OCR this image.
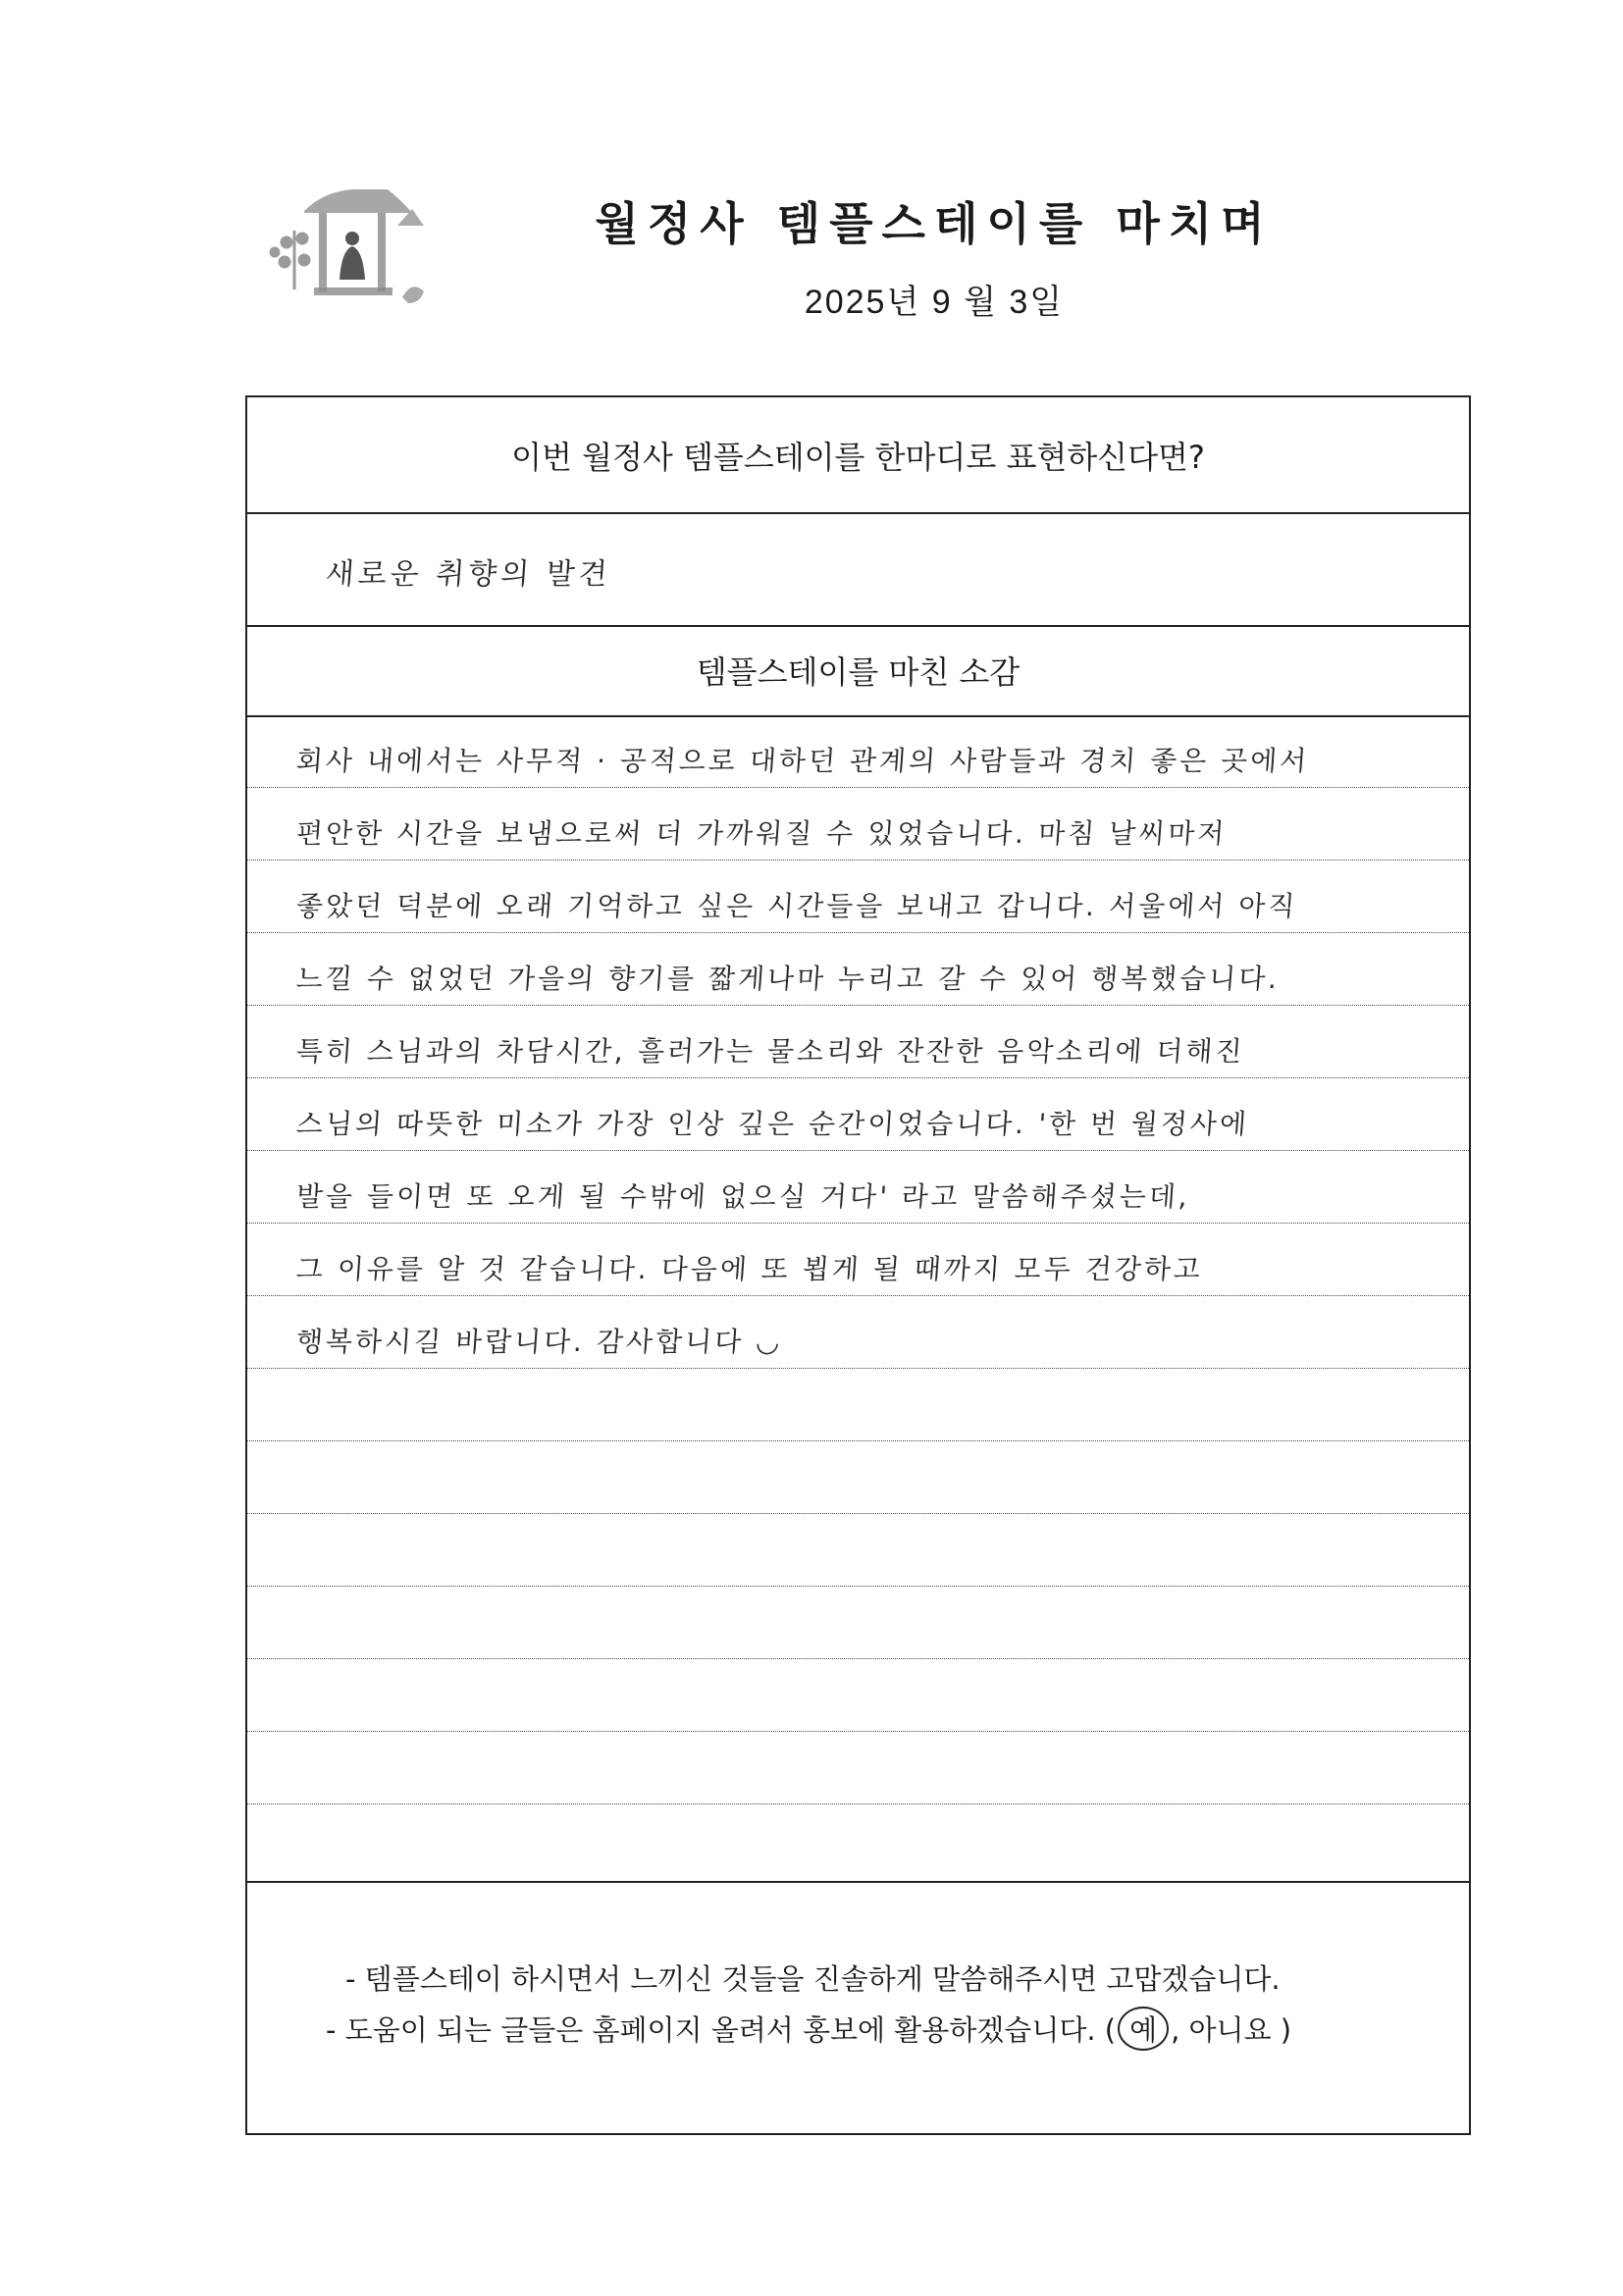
월정사 템플스테이를 마치며
2025년 9 월 3일
이번 월정사 템플스테이를 한마디로 표현하신다면?
새로운 취향의 발견
템플스테이를 마친 소감
회사 내에서는 사무적 · 공적으로 대하던 관계의 사람들과 경치 좋은 곳에서
편안한 시간을 보냄으로써 더 가까워질 수 있었습니다. 마침 날씨마저
좋았던 덕분에 오래 기억하고 싶은 시간들을 보내고 갑니다. 서울에서 아직
느낄 수 없었던 가을의 향기를 짧게나마 누리고 갈 수 있어 행복했습니다.
특히 스님과의 차담시간, 흘러가는 물소리와 잔잔한 음악소리에 더해진
스님의 따뜻한 미소가 가장 인상 깊은 순간이었습니다. '한 번 월정사에
발을 들이면 또 오게 될 수밖에 없으실 거다' 라고 말씀해주셨는데,
그 이유를 알 것 같습니다. 다음에 또 뵙게 될 때까지 모두 건강하고
행복하시길 바랍니다. 감사합니다 ◡
- 템플스테이 하시면서 느끼신 것들을 진솔하게 말씀해주시면 고맙겠습니다.
- 도움이 되는 글들은 홈페이지 올려서 홍보에 활용하겠습니다. ( 예 , 아니요 )
